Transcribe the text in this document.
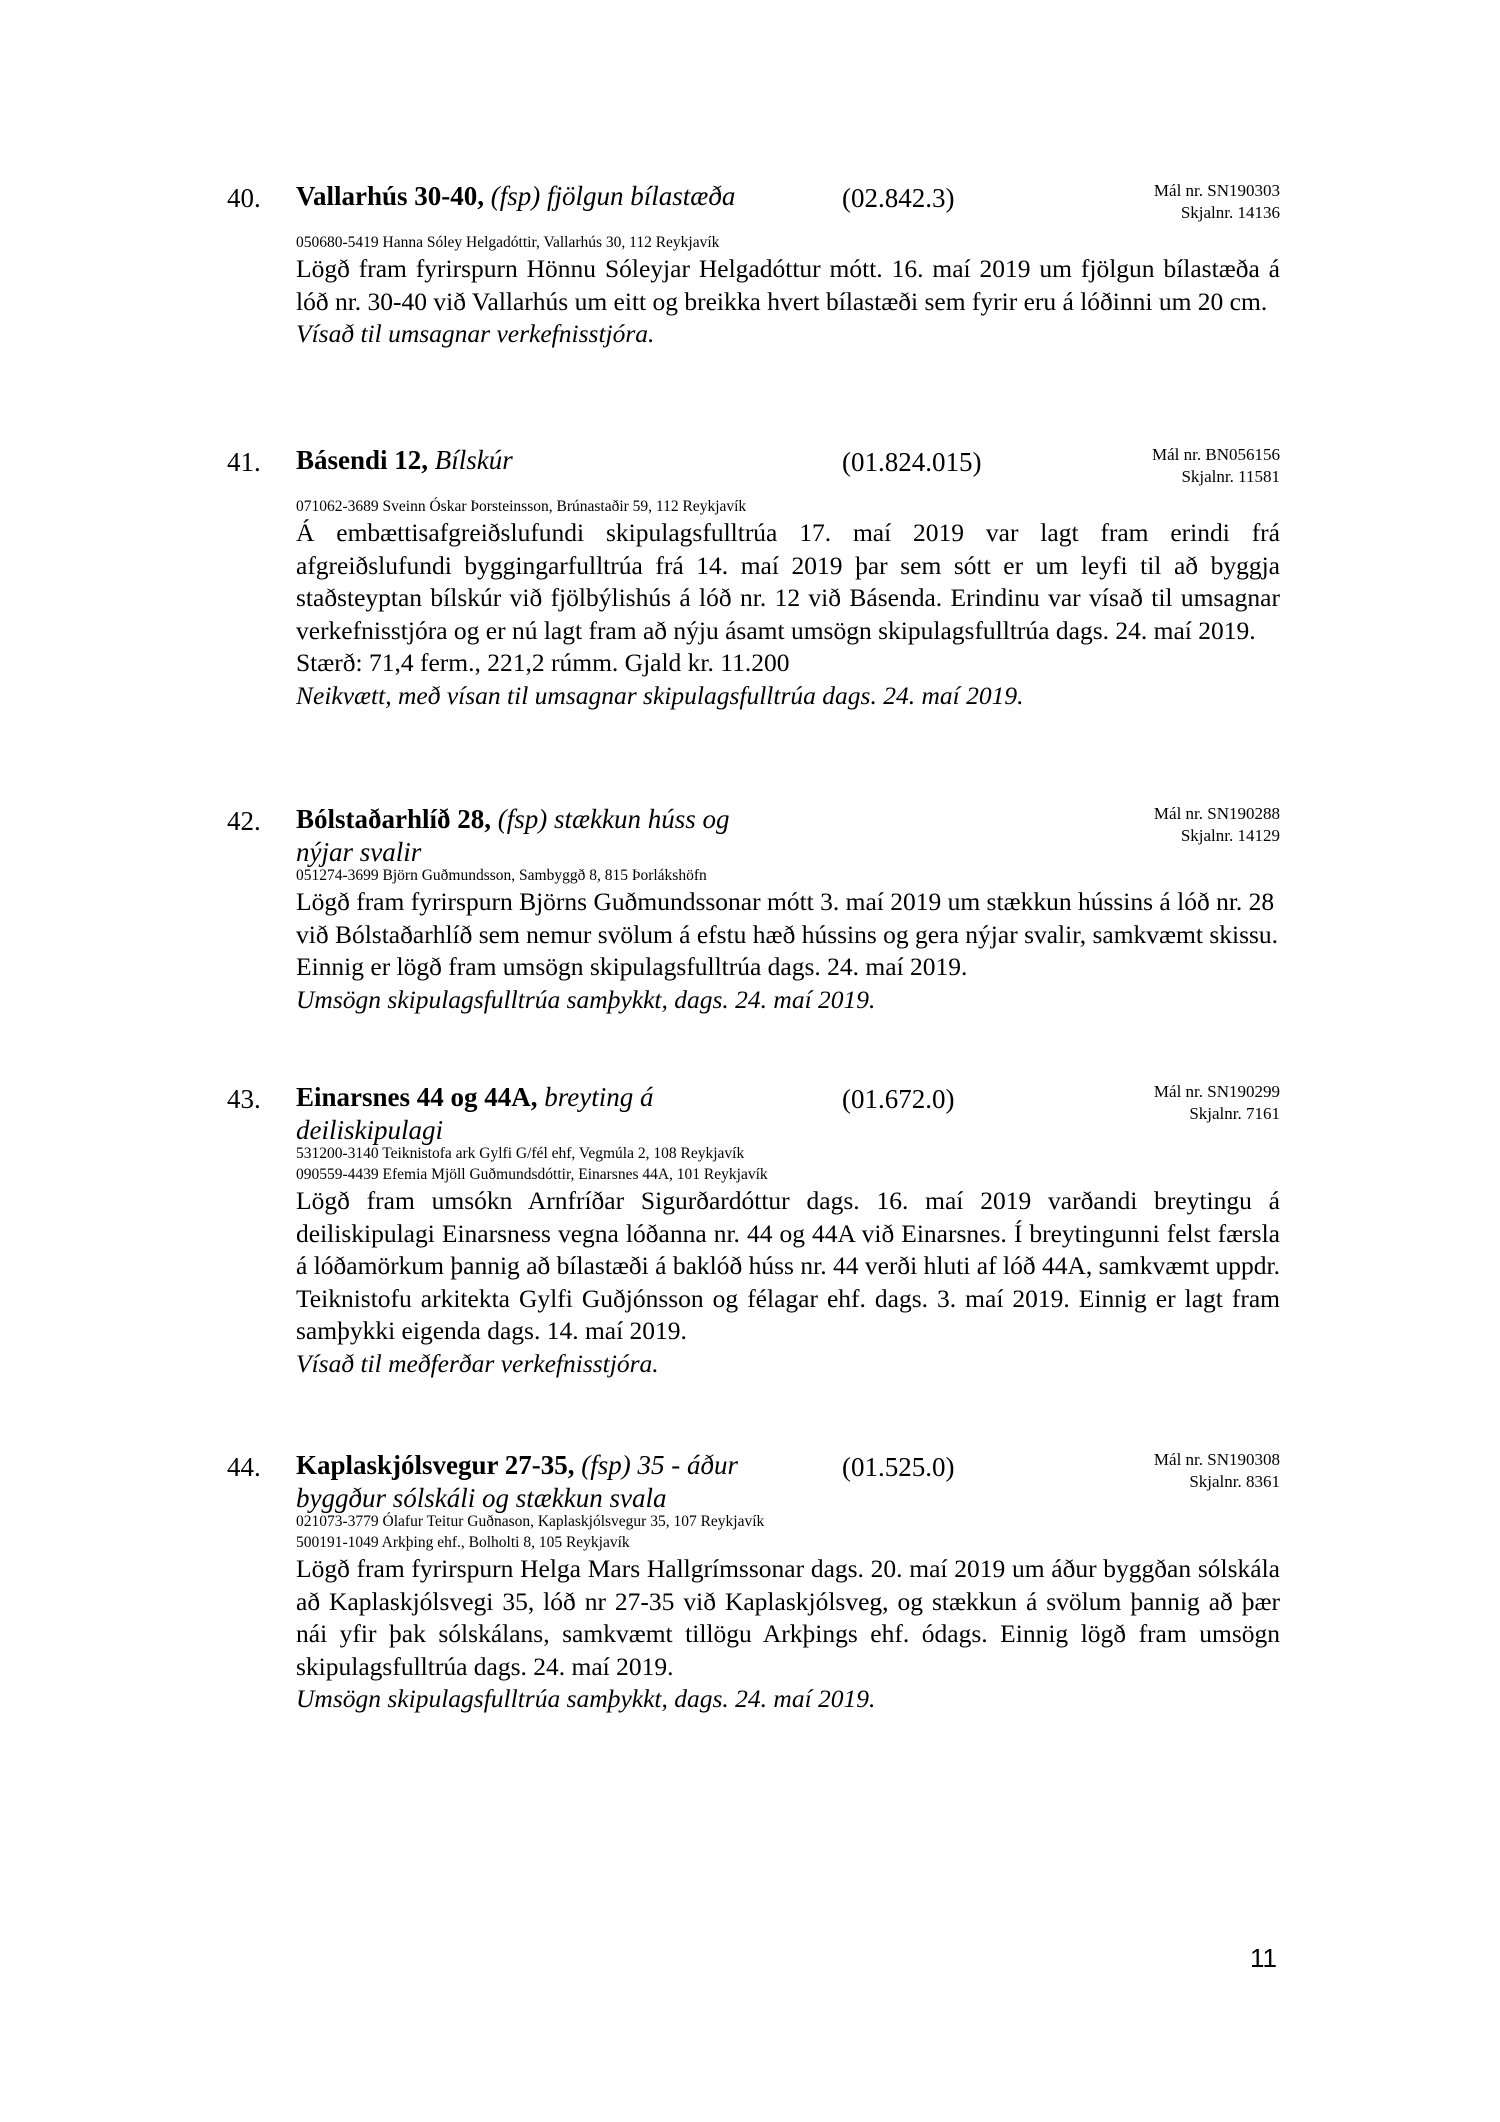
40. Vallarhús 30-40, (fsp) fjölgun bílastæða	(02.842.3)	Mál nr. SN190303
Skjalnr. 14136
050680-5419 Hanna Sóley Helgadóttir, Vallarhús 30, 112 Reykjavík

Lögð fram fyrirspurn Hönnu Sóleyjar Helgadóttur mótt. 16. maí 2019 um fjölgun bílastæða á lóð nr. 30-40 við Vallarhús um eitt og breikka hvert bílastæði sem fyrir eru á lóðinni um 20 cm.

Vísað til umsagnar verkefnisstjóra.
41. Básendi 12, Bílskúr	(01.824.015)	Mál nr. BN056156
Skjalnr. 11581
071062-3689 Sveinn Óskar Þorsteinsson, Brúnastaðir 59, 112 Reykjavík

Á embættisafgreiðslufundi skipulagsfulltrúa 17. maí 2019 var lagt fram erindi frá afgreiðslufundi byggingarfulltrúa frá 14. maí 2019 þar sem sótt er um leyfi til að byggja staðsteyptan bílskúr við fjölbýlishús á lóð nr. 12 við Básenda. Erindinu var vísað til umsagnar verkefnisstjóra og er nú lagt fram að nýju ásamt umsögn skipulagsfulltrúa dags. 24. maí 2019.

Stærð: 71,4 ferm., 221,2 rúmm. Gjald kr. 11.200
Neikvætt, með vísan til umsagnar skipulagsfulltrúa dags. 24. maí 2019.
42. Bólstaðarhlíð 28, (fsp) stækkun húss og nýjar svalir
Mál nr. SN190288
Skjalnr. 14129
051274-3699 Björn Guðmundsson, Sambyggð 8, 815 Þorlákshöfn

Lögð fram fyrirspurn Björns Guðmundssonar mótt 3. maí 2019 um stækkun hússins á lóð nr. 28 við Bólstaðarhlíð sem nemur svölum á efstu hæð hússins og gera nýjar svalir, samkvæmt skissu. Einnig er lögð fram umsögn skipulagsfulltrúa dags. 24. maí 2019.

Umsögn skipulagsfulltrúa samþykkt, dags. 24. maí 2019.
43. Einarsnes 44 og 44A, breyting á deiliskipulagi
(01.672.0)	Mál nr. SN190299
Skjalnr. 7161
531200-3140 Teiknistofa ark Gylfi G/fél ehf, Vegmúla 2, 108 Reykjavík
090559-4439 Efemia Mjöll Guðmundsdóttir, Einarsnes 44A, 101 Reykjavík

Lögð fram umsókn Arnfríðar Sigurðardóttur dags. 16. maí 2019 varðandi breytingu á deiliskipulagi Einarsness vegna lóðanna nr. 44 og 44A við Einarsnes. Í breytingunni felst færsla á lóðamörkum þannig að bílastæði á baklóð húss nr. 44 verði hluti af lóð 44A, samkvæmt uppdr. Teiknistofu arkitekta Gylfi Guðjónsson og félagar ehf. dags. 3. maí 2019. Einnig er lagt fram samþykki eigenda dags. 14. maí 2019.

Vísað til meðferðar verkefnisstjóra.
44. Kaplaskjólsvegur 27-35, (fsp) 35 - áður byggður sólskáli og stækkun svala
(01.525.0)	Mál nr. SN190308
Skjalnr. 8361
021073-3779 Ólafur Teitur Guðnason, Kaplaskjólsvegur 35, 107 Reykjavík
500191-1049 Arkþing ehf., Bolholti 8, 105 Reykjavík

Lögð fram fyrirspurn Helga Mars Hallgrímssonar dags. 20. maí 2019 um áður byggðan sólskála að Kaplaskjólsvegi 35, lóð nr 27-35 við Kaplaskjólsveg, og stækkun á svölum þannig að þær nái yfir þak sólskálans, samkvæmt tillögu Arkþings ehf. ódags. Einnig lögð fram umsögn skipulagsfulltrúa dags. 24. maí 2019.

Umsögn skipulagsfulltrúa samþykkt, dags. 24. maí 2019.
11
